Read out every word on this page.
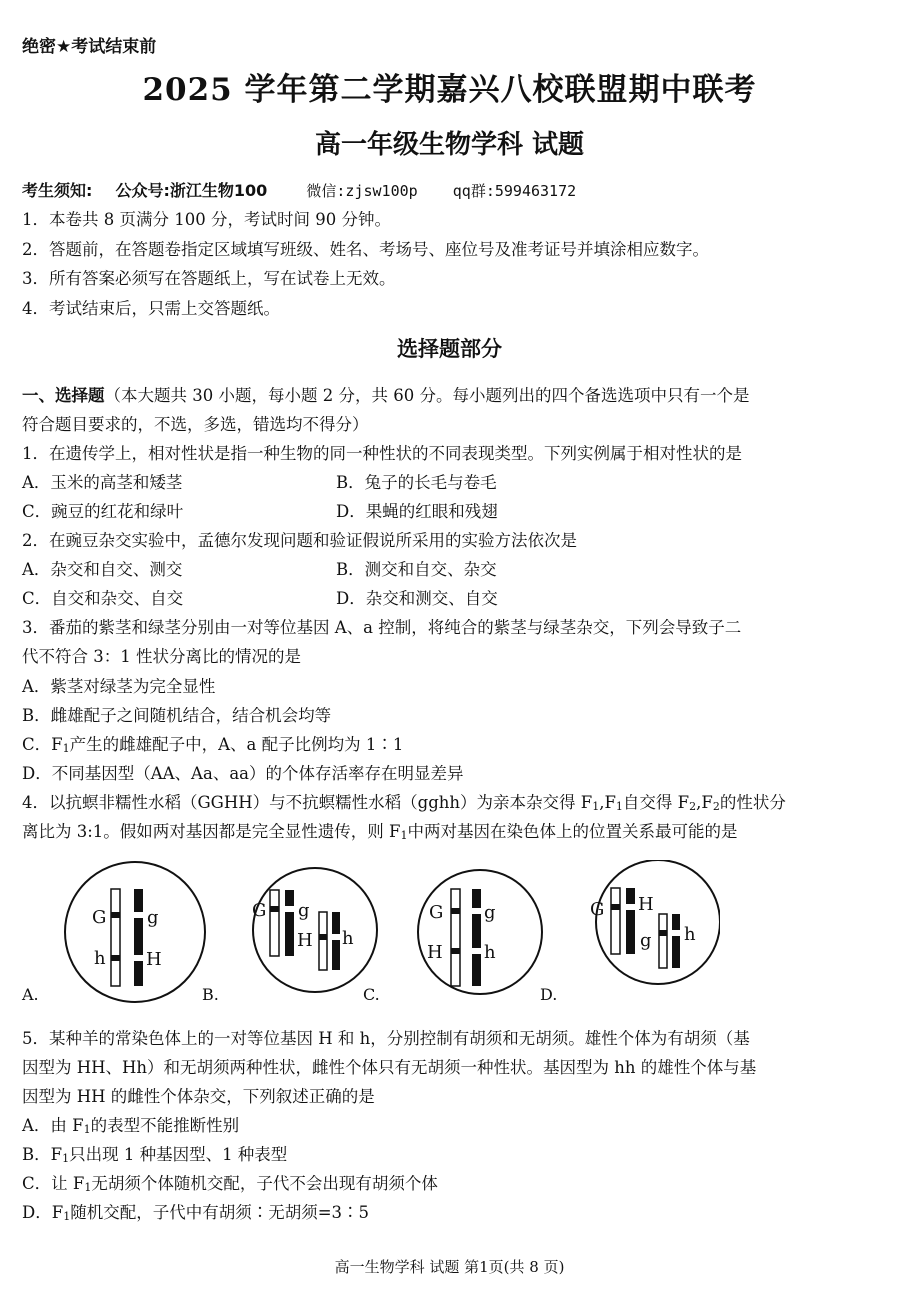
绝密★考试结束前
2025 学年第二学期嘉兴八校联盟期中联考
高一年级生物学科 试题
考生须知: 公众号:浙江生物100	微信:zjsw100p qq群:599463172
1．本卷共 8 页满分 100 分，考试时间 90 分钟。
2．答题前，在答题卷指定区域填写班级、姓名、考场号、座位号及准考证号并填涂相应数字。
3．所有答案必须写在答题纸上，写在试卷上无效。
4．考试结束后，只需上交答题纸。
选择题部分
一、选择题（本大题共 30 小题，每小题 2 分，共 60 分。每小题列出的四个备选选项中只有一个是
符合题目要求的，不选，多选，错选均不得分）
1．在遗传学上，相对性状是指一种生物的同一种性状的不同表现类型。下列实例属于相对性状的是
A．玉米的高茎和矮茎	B．兔子的长毛与卷毛
C．豌豆的红花和绿叶	D．果蝇的红眼和残翅
2．在豌豆杂交实验中，孟德尔发现问题和验证假说所采用的实验方法依次是
A．杂交和自交、测交	B．测交和自交、杂交
C．自交和杂交、自交	D．杂交和测交、自交
3．番茄的紫茎和绿茎分别由一对等位基因 A、a 控制，将纯合的紫茎与绿茎杂交，下列会导致子二
代不符合 3：1 性状分离比的情况的是
A．紫茎对绿茎为完全显性
B．雌雄配子之间随机结合，结合机会均等
C．$F_1$产生的雌雄配子中，A、a 配子比例均为 1∶1
D．不同基因型（AA、Aa、aa）的个体存活率存在明显差异
4．以抗螟非糯性水稻（GGHH）与不抗螟糯性水稻（gghh）为亲本杂交得 $F_1,F_1$自交得 $F_2,F_2$的性状分
离比为 3:1。假如两对基因都是完全显性遗传，则 $F_1$中两对基因在染色体上的位置关系最可能的是
G
h
g
H
G g
H h
G
H
g
h
G H
g h
A.	B.	C.	D.
5．某种羊的常染色体上的一对等位基因 H 和 h，分别控制有胡须和无胡须。雄性个体为有胡须（基
因型为 HH、Hh）和无胡须两种性状，雌性个体只有无胡须一种性状。基因型为 hh 的雄性个体与基
因型为 HH 的雌性个体杂交，下列叙述正确的是
A．由 $F_1$的表型不能推断性别
B．$F_1$只出现 1 种基因型、1 种表型
C．让 $F_1$无胡须个体随机交配，子代不会出现有胡须个体
D．$F_1$随机交配，子代中有胡须∶无胡须=3∶5
高一生物学科 试题 第1页(共 8 页)
